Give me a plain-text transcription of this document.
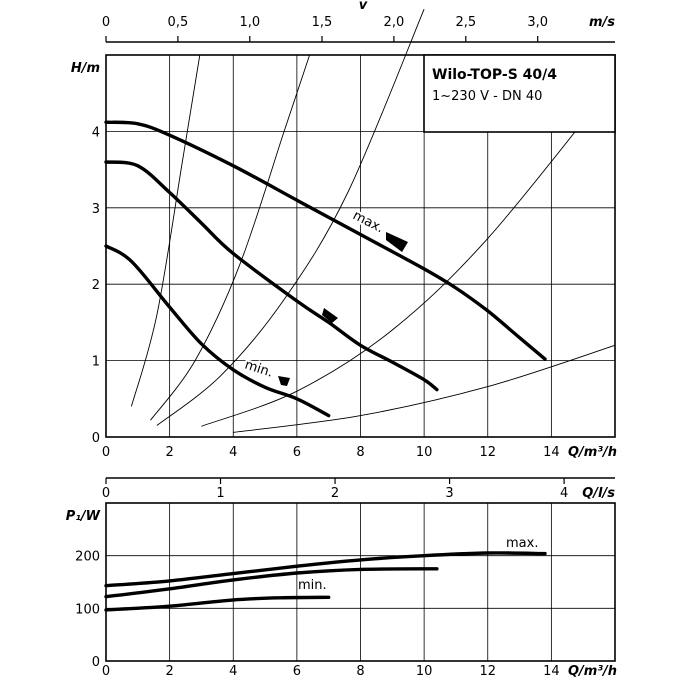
0	0,5	1,0	1,5	2,0	2,5	3,0
v
m/s
Wilo-TOP-S 40/4
1~230 V - DN 40
max.
min.
0
1
2
3
4
H/m
0	2	4	6	8	10	12	14 Q/m³/h
0	1	2	3	4 Q/l/s
max.
min.
0
100
200
P₁/W
0	2	4	6	8	10	12	14 Q/m³/h
